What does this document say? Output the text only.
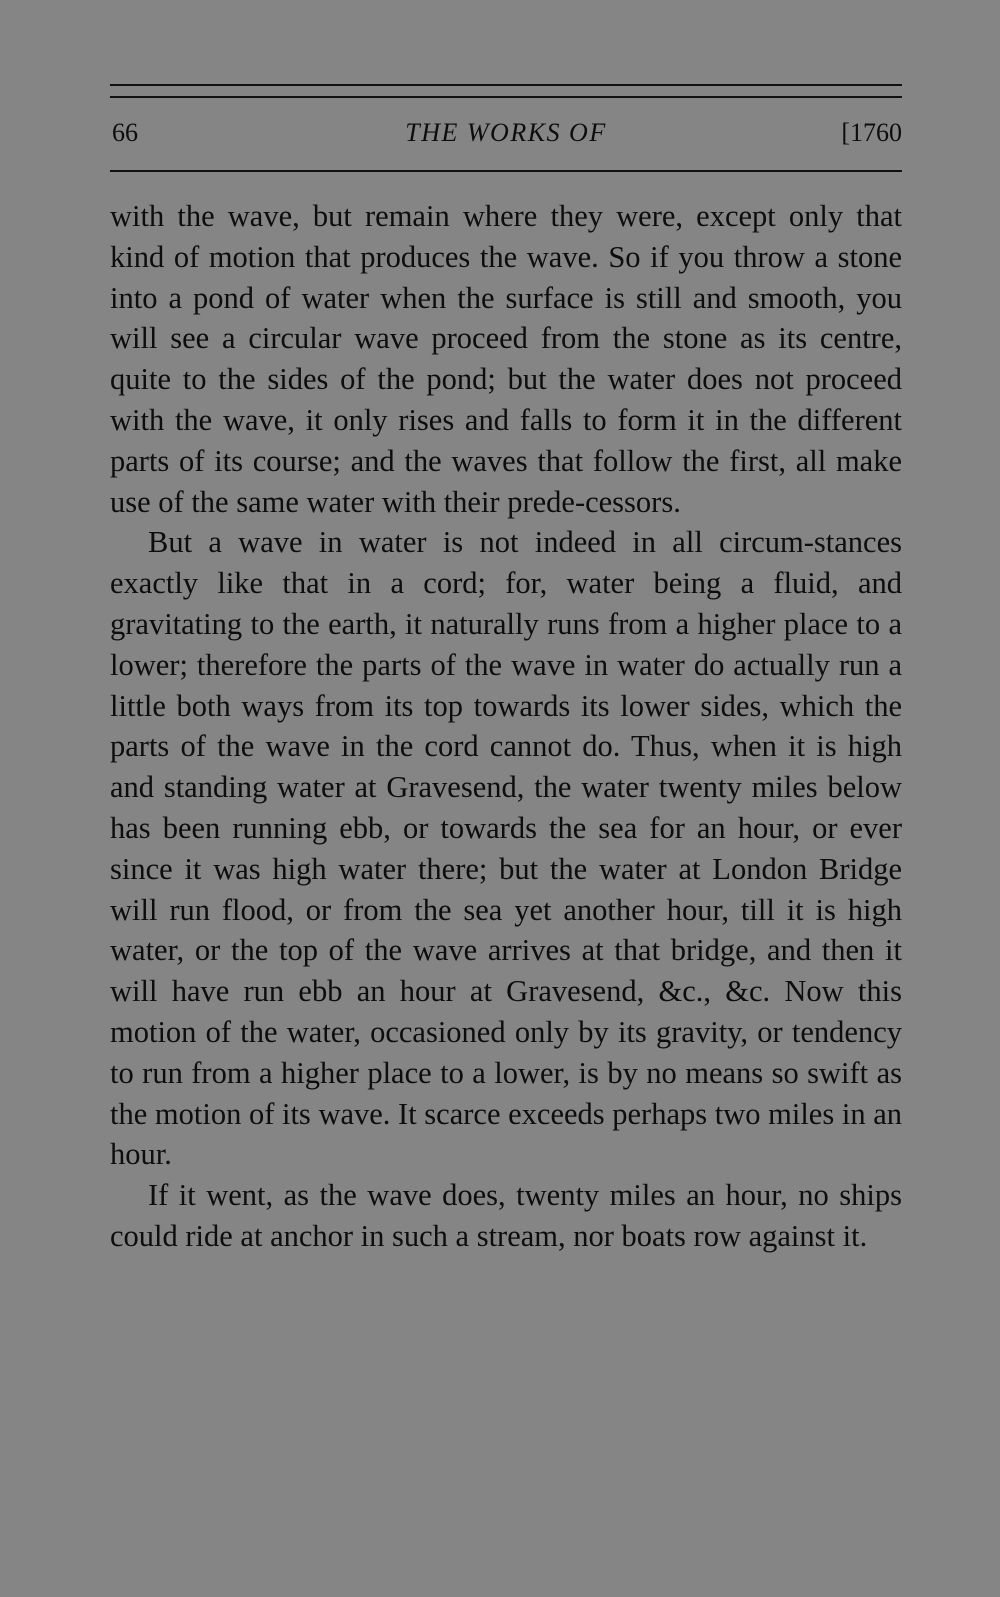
66	THE WORKS OF	[1760

with the wave, but remain where they were, except only that kind of motion that produces the wave. So if you throw a stone into a pond of water when the surface is still and smooth, you will see a circular wave proceed from the stone as its centre, quite to the sides of the pond; but the water does not proceed with the wave, it only rises and falls to form it in the different parts of its course; and the waves that follow the first, all make use of the same water with their prede-cessors.

But a wave in water is not indeed in all circum-stances exactly like that in a cord; for, water being a fluid, and gravitating to the earth, it naturally runs from a higher place to a lower; therefore the parts of the wave in water do actually run a little both ways from its top towards its lower sides, which the parts of the wave in the cord cannot do. Thus, when it is high and standing water at Gravesend, the water twenty miles below has been running ebb, or towards the sea for an hour, or ever since it was high water there; but the water at London Bridge will run flood, or from the sea yet another hour, till it is high water, or the top of the wave arrives at that bridge, and then it will have run ebb an hour at Gravesend, &c., &c. Now this motion of the water, occasioned only by its gravity, or tendency to run from a higher place to a lower, is by no means so swift as the motion of its wave. It scarce exceeds perhaps two miles in an hour.

If it went, as the wave does, twenty miles an hour, no ships could ride at anchor in such a stream, nor boats row against it.
